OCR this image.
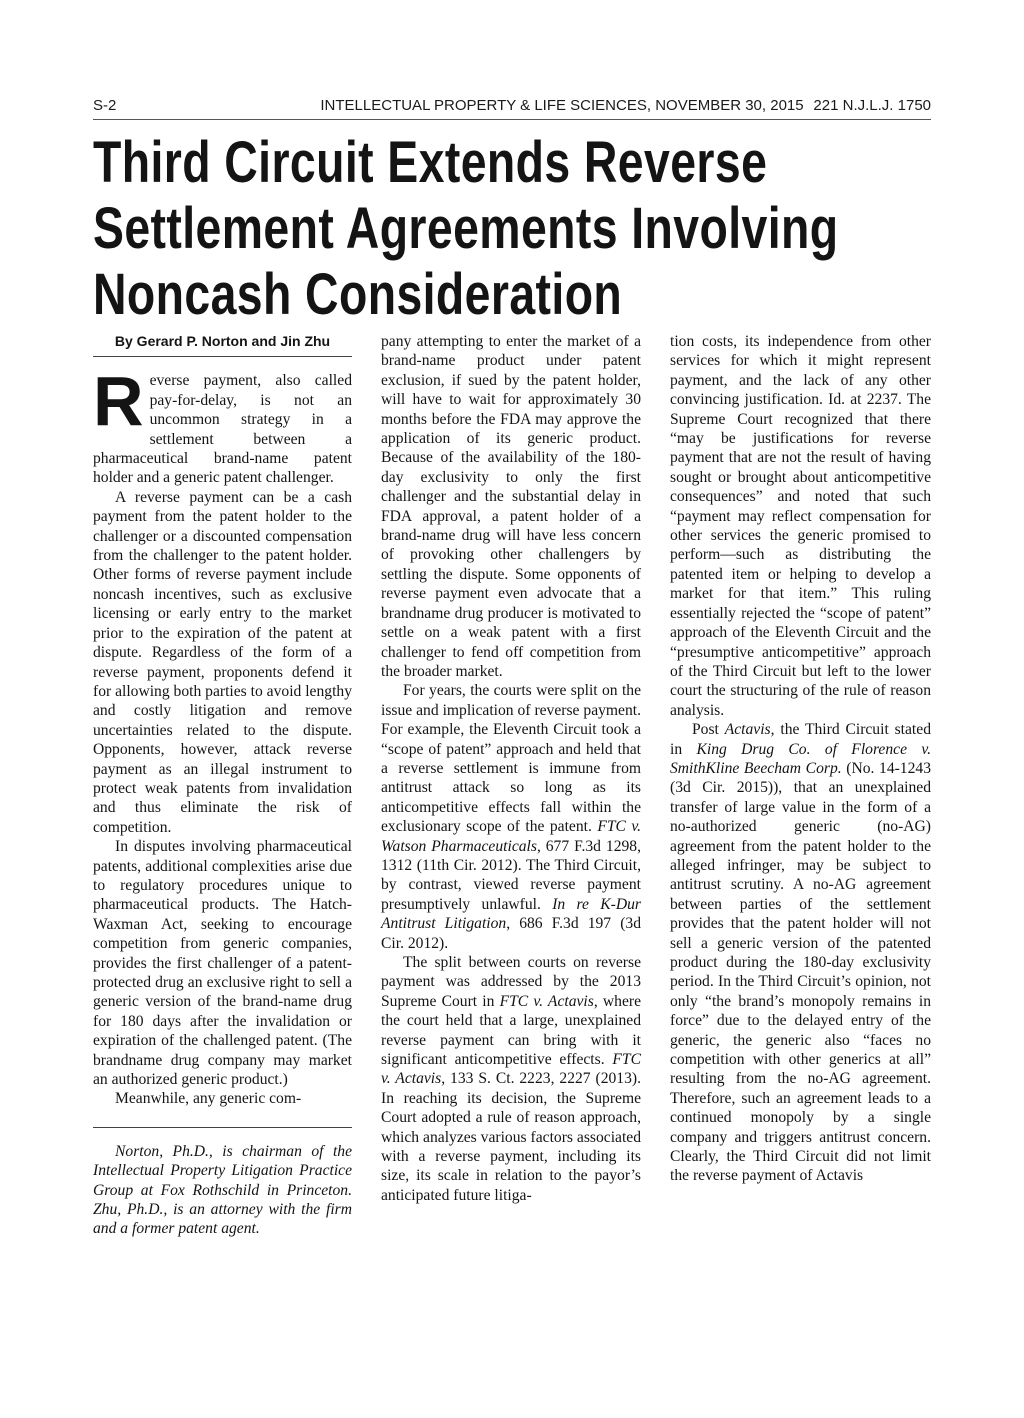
S-2	INTELLECTUAL PROPERTY & LIFE SCIENCES, NOVEMBER 30, 2015 221 N.J.L.J. 1750
Third Circuit Extends Reverse
Settlement Agreements Involving
Noncash Consideration
By Gerard P. Norton and Jin Zhu

Reverse payment, also called pay-for-delay, is not an uncommon strategy in a settlement between a pharmaceutical brand-name patent holder and a generic patent challenger.

A reverse payment can be a cash payment from the patent holder to the challenger or a discounted compensation from the challenger to the patent holder. Other forms of reverse payment include noncash incentives, such as exclusive licensing or early entry to the market prior to the expiration of the patent at dispute. Regardless of the form of a reverse payment, proponents defend it for allowing both parties to avoid lengthy and costly litigation and remove uncertainties related to the dispute. Opponents, however, attack reverse payment as an illegal instrument to protect weak patents from invalidation and thus eliminate the risk of competition.

In disputes involving pharmaceutical patents, additional complexities arise due to regulatory procedures unique to pharmaceutical products. The Hatch-Waxman Act, seeking to encourage competition from generic companies, provides the first challenger of a patent-protected drug an exclusive right to sell a generic version of the brand-name drug for 180 days after the invalidation or expiration of the challenged patent. (The brandname drug company may market an authorized generic product.)

Meanwhile, any generic com-

Norton, Ph.D., is chairman of the Intellectual Property Litigation Practice Group at Fox Rothschild in Princeton. Zhu, Ph.D., is an attorney with the firm and a former patent agent.

pany attempting to enter the market of a brand-name product under patent exclusion, if sued by the patent holder, will have to wait for approximately 30 months before the FDA may approve the application of its generic product. Because of the availability of the 180-day exclusivity to only the first challenger and the substantial delay in FDA approval, a patent holder of a brand-name drug will have less concern of provoking other challengers by settling the dispute. Some opponents of reverse payment even advocate that a brandname drug producer is motivated to settle on a weak patent with a first challenger to fend off competition from the broader market.

For years, the courts were split on the issue and implication of reverse payment. For example, the Eleventh Circuit took a “scope of patent” approach and held that a reverse settlement is immune from antitrust attack so long as its anticompetitive effects fall within the exclusionary scope of the patent. FTC v. Watson Pharmaceuticals, 677 F.3d 1298, 1312 (11th Cir. 2012). The Third Circuit, by contrast, viewed reverse payment presumptively unlawful. In re K-Dur Antitrust Litigation, 686 F.3d 197 (3d Cir. 2012).

The split between courts on reverse payment was addressed by the 2013 Supreme Court in FTC v. Actavis, where the court held that a large, unexplained reverse payment can bring with it significant anticompetitive effects. FTC v. Actavis, 133 S. Ct. 2223, 2227 (2013). In reaching its decision, the Supreme Court adopted a rule of reason approach, which analyzes various factors associated with a reverse payment, including its size, its scale in relation to the payor’s anticipated future litiga-

tion costs, its independence from other services for which it might represent payment, and the lack of any other convincing justification. Id. at 2237. The Supreme Court recognized that there “may be justifications for reverse payment that are not the result of having sought or brought about anticompetitive consequences” and noted that such “payment may reflect compensation for other services the generic promised to perform—such as distributing the patented item or helping to develop a market for that item.” This ruling essentially rejected the “scope of patent” approach of the Eleventh Circuit and the “presumptive anticompetitive” approach of the Third Circuit but left to the lower court the structuring of the rule of reason analysis.

Post Actavis, the Third Circuit stated in King Drug Co. of Florence v. SmithKline Beecham Corp. (No. 14-1243 (3d Cir. 2015)), that an unexplained transfer of large value in the form of a no-authorized generic (no-AG) agreement from the patent holder to the alleged infringer, may be subject to antitrust scrutiny. A no-AG agreement between parties of the settlement provides that the patent holder will not sell a generic version of the patented product during the 180-day exclusivity period. In the Third Circuit’s opinion, not only “the brand’s monopoly remains in force” due to the delayed entry of the generic, the generic also “faces no competition with other generics at all” resulting from the no-AG agreement. Therefore, such an agreement leads to a continued monopoly by a single company and triggers antitrust concern. Clearly, the Third Circuit did not limit the reverse payment of Actavis
